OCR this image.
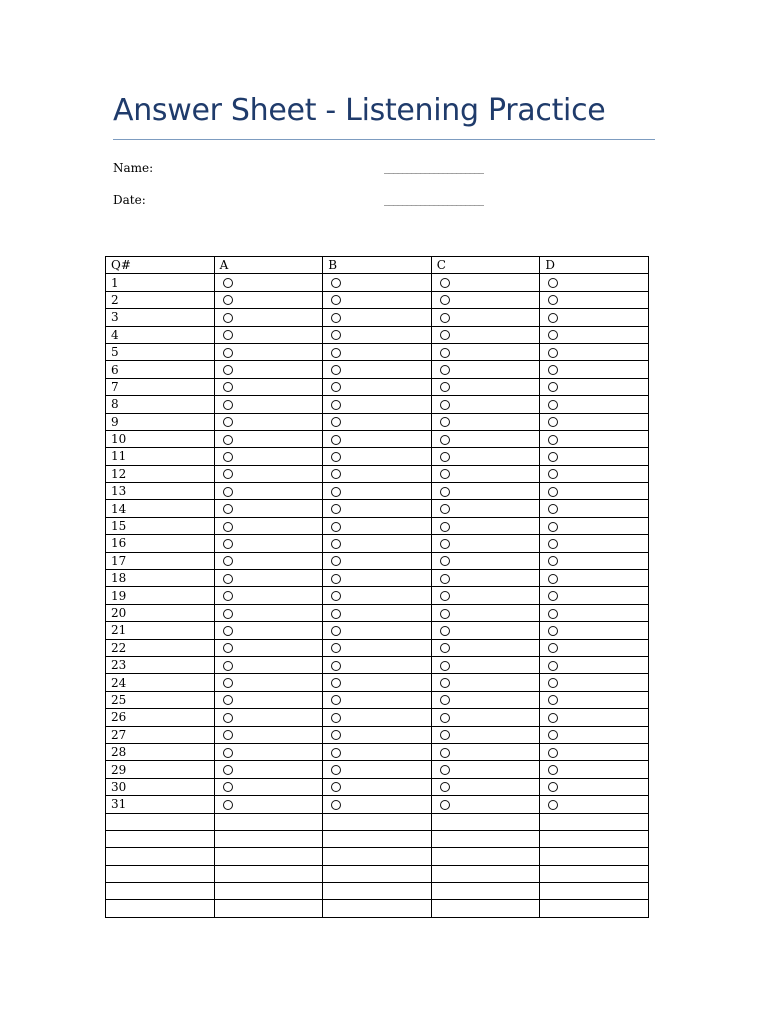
Answer Sheet - Listening Practice
Name:	______________________
Date:	______________________
Q#	A	B	C	D
1				
2				
3				
4				
5				
6				
7				
8				
9				
10				
11				
12				
13				
14				
15				
16				
17				
18				
19				
20				
21				
22				
23				
24				
25				
26				
27				
28				
29				
30				
31				
